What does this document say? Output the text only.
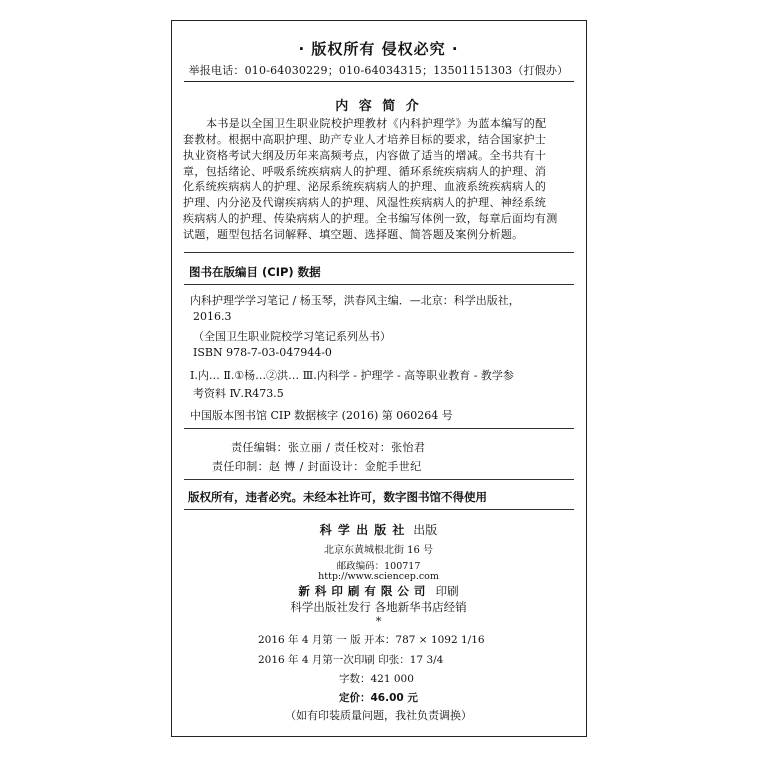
· 版权所有 侵权必究 ·
举报电话：010-64030229；010-64034315；13501151303（打假办）
内 容 简 介
本书是以全国卫生职业院校护理教材《内科护理学》为蓝本编写的配
套教材。根据中高职护理、助产专业人才培养目标的要求，结合国家护士
执业资格考试大纲及历年来高频考点，内容做了适当的增减。全书共有十
章，包括绪论、呼吸系统疾病病人的护理、循环系统疾病病人的护理、消
化系统疾病病人的护理、泌尿系统疾病病人的护理、血液系统疾病病人的
护理、内分泌及代谢疾病病人的护理、风湿性疾病病人的护理、神经系统
疾病病人的护理、传染病病人的护理。全书编写体例一致，每章后面均有测
试题，题型包括名词解释、填空题、选择题、简答题及案例分析题。
图书在版编目 (CIP) 数据
内科护理学学习笔记 / 杨玉琴，洪春风主编．—北京：科学出版社，
2016.3
（全国卫生职业院校学习笔记系列丛书）
ISBN 978-7-03-047944-0
Ⅰ.内… Ⅱ.①杨…②洪… Ⅲ.内科学 - 护理学 - 高等职业教育 - 教学参
考资料 Ⅳ.R473.5
中国版本图书馆 CIP 数据核字 (2016) 第 060264 号
责任编辑：张立丽 / 责任校对：张怡君
责任印制：赵 博 / 封面设计：金舵手世纪
版权所有，违者必究。未经本社许可，数字图书馆不得使用
科 学 出 版 社 出版
北京东黄城根北街 16 号
邮政编码：100717
http://www.sciencep.com
新 科 印 刷 有 限 公 司 印刷
科学出版社发行 各地新华书店经销
*
2016 年 4 月第 一 版 开本：787 × 1092 1/16
2016 年 4 月第一次印刷 印张：17 3/4
字数：421 000
定价：46.00 元
（如有印装质量问题，我社负责调换）
